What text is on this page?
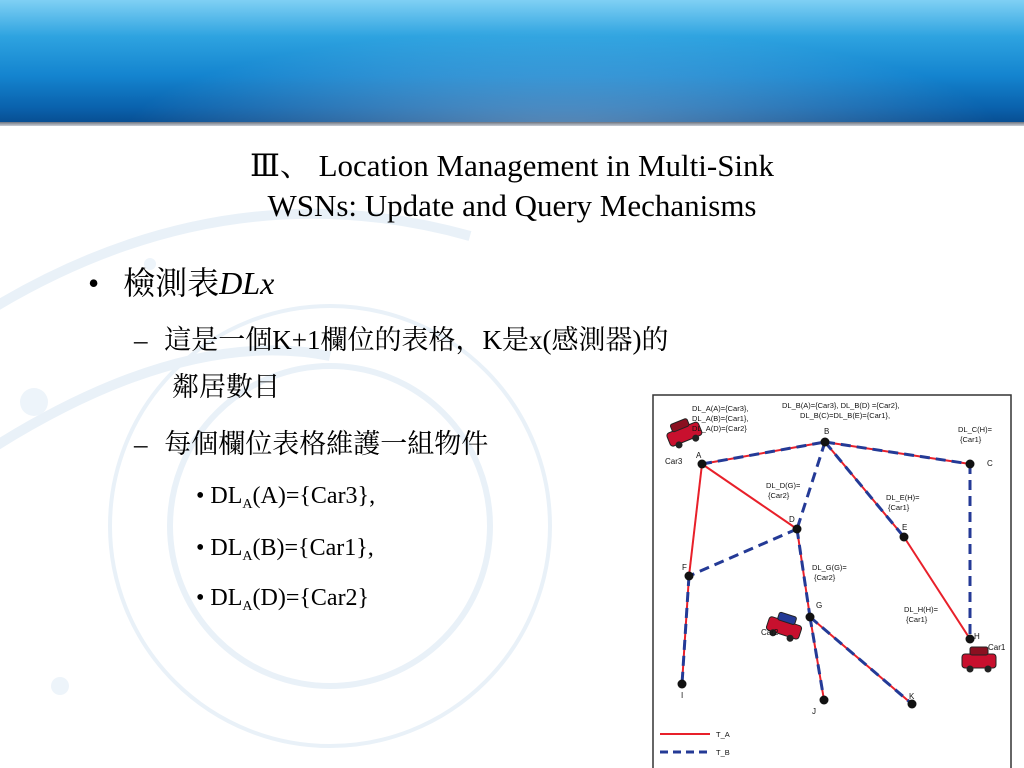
Ⅲ、 Location Management in Multi-Sink
WSNs: Update and Query Mechanisms
• 檢測表DLx
– 這是一個K+1欄位的表格，K是x(感測器)的
鄰居數目
– 每個欄位表格維護一組物件
• $DL_A(A)=\{Car3\}$,
• $DL_A(B)=\{Car1\}$,
• $DL_A(D)=\{Car2\}$
A
B
C
D
E
F
G
H
I
J
K
Car3
Car2
Car1
DL_A(A)={Car3},
DL_A(B)={Car1},
DL_A(D)={Car2}
DL_B(A)={Car3}, DL_B(D) ={Car2},
DL_B(C)=DL_B(E)={Car1},
DL_C(H)=
{Car1}
DL_D(G)=
{Car2}	DL_E(H)=
{Car1}
DL_G(G)=
{Car2}
DL_H(H)=
{Car1}
T_A
T_B
